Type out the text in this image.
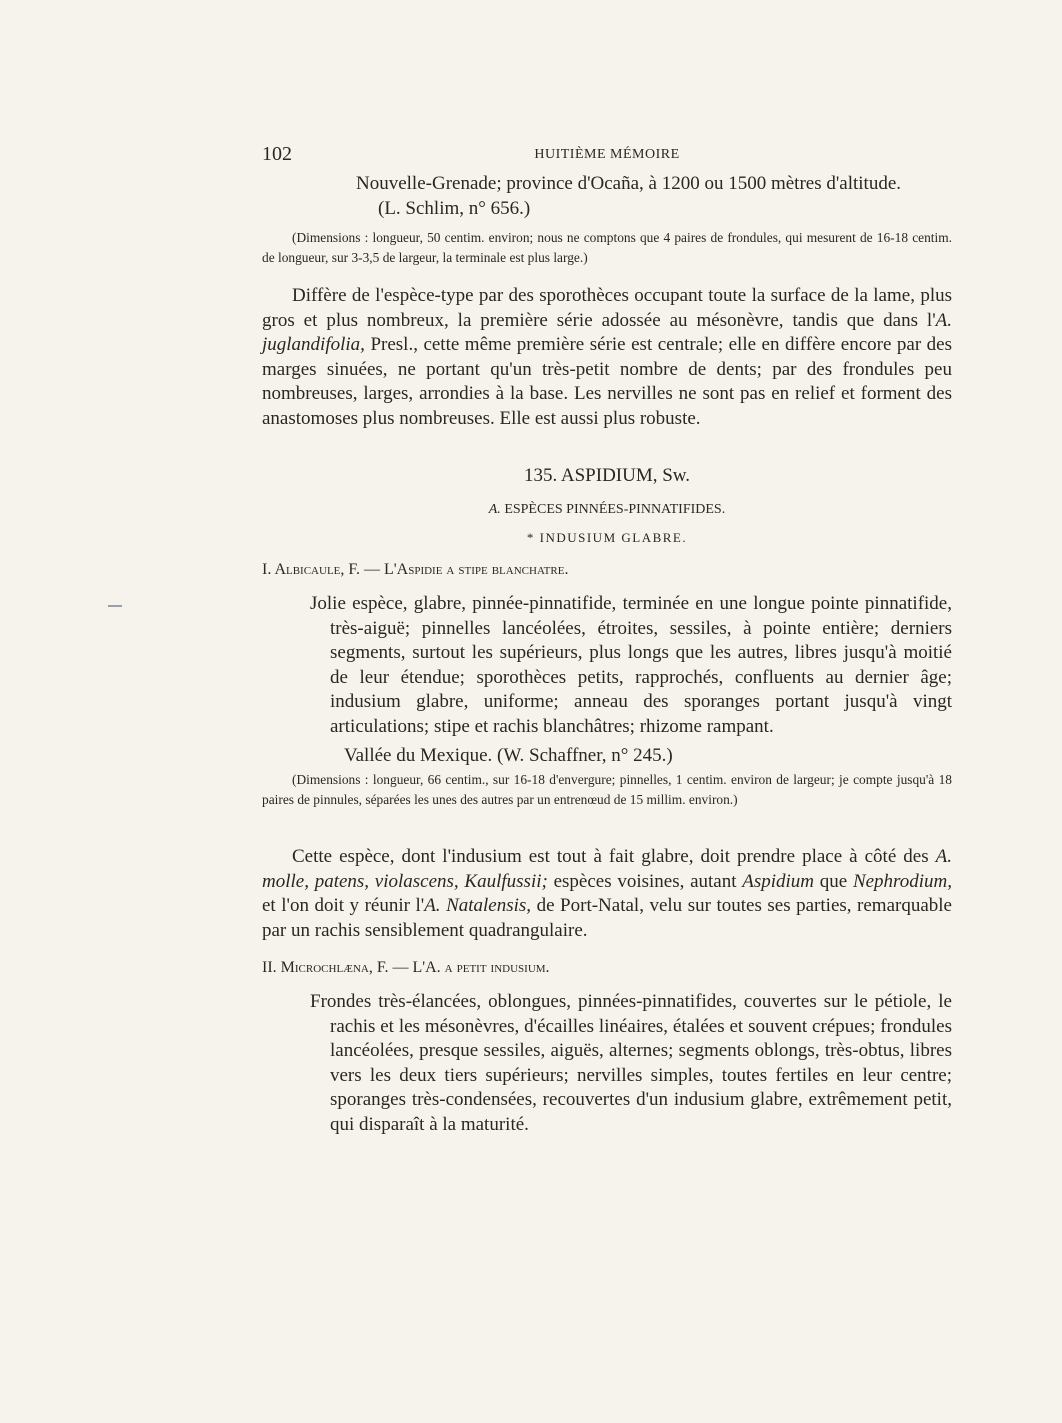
102	HUITIÈME MÉMOIRE
Nouvelle-Grenade; province d'Ocaña, à 1200 ou 1500 mètres d'altitude.
(L. Schlim, n° 656.)
(Dimensions : longueur, 50 centim. environ; nous ne comptons que 4 paires de frondules, qui mesurent de 16-18 centim. de longueur, sur 3-3,5 de largeur, la terminale est plus large.)
Diffère de l'espèce-type par des sporothèces occupant toute la surface de la lame, plus gros et plus nombreux, la première série adossée au mésonèvre, tandis que dans l'A. juglandifolia, Presl., cette même première série est centrale; elle en diffère encore par des marges sinuées, ne portant qu'un très-petit nombre de dents; par des frondules peu nombreuses, larges, arrondies à la base. Les nervilles ne sont pas en relief et forment des anastomoses plus nombreuses. Elle est aussi plus robuste.
135. ASPIDIUM, Sw.
A. ESPÈCES PINNÉES-PINNATIFIDES.
* INDUSIUM GLABRE.
I. Albicaule, F. — L'Aspidie a stipe blanchatre.
Jolie espèce, glabre, pinnée-pinnatifide, terminée en une longue pointe pinnatifide, très-aiguë; pinnelles lancéolées, étroites, sessiles, à pointe entière; derniers segments, surtout les supérieurs, plus longs que les autres, libres jusqu'à moitié de leur étendue; sporothèces petits, rapprochés, confluents au dernier âge; indusium glabre, uniforme; anneau des sporanges portant jusqu'à vingt articulations; stipe et rachis blanchâtres; rhizome rampant.
Vallée du Mexique. (W. Schaffner, n° 245.)
(Dimensions : longueur, 66 centim., sur 16-18 d'envergure; pinnelles, 1 centim. environ de largeur; je compte jusqu'à 18 paires de pinnules, séparées les unes des autres par un entrenœud de 15 millim. environ.)
Cette espèce, dont l'indusium est tout à fait glabre, doit prendre place à côté des A. molle, patens, violascens, Kaulfussii; espèces voisines, autant Aspidium que Nephrodium, et l'on doit y réunir l'A. Natalensis, de Port-Natal, velu sur toutes ses parties, remarquable par un rachis sensiblement quadrangulaire.
II. Microchlæna, F. — L'A. a petit indusium.
Frondes très-élancées, oblongues, pinnées-pinnatifides, couvertes sur le pétiole, le rachis et les mésonèvres, d'écailles linéaires, étalées et souvent crépues; frondules lancéolées, presque sessiles, aiguës, alternes; segments oblongs, très-obtus, libres vers les deux tiers supérieurs; nervilles simples, toutes fertiles en leur centre; sporanges très-condensées, recouvertes d'un indusium glabre, extrêmement petit, qui disparaît à la maturité.
